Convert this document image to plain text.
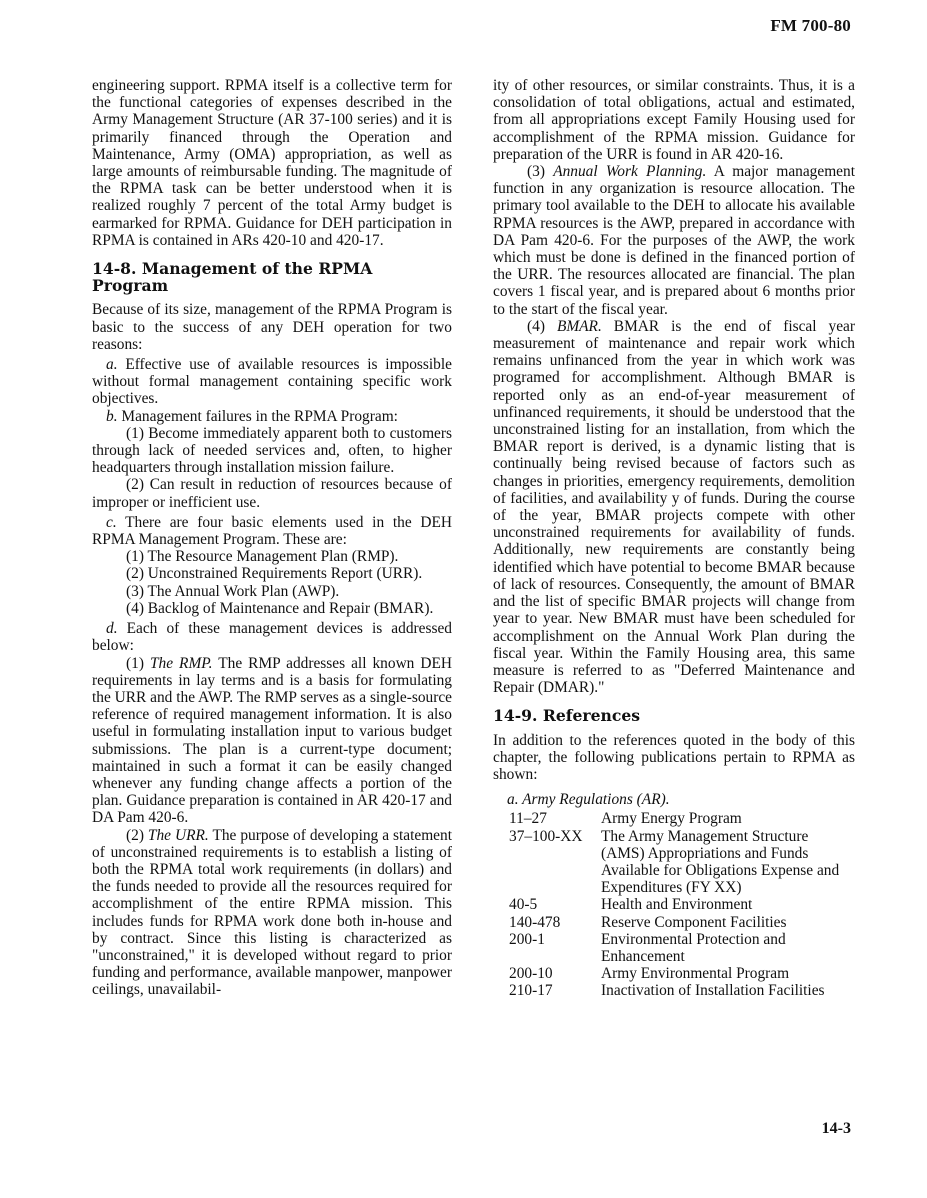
FM 700-80

engineering support. RPMA itself is a collective term for the functional categories of expenses described in the Army Management Structure (AR 37-100 series) and it is primarily financed through the Operation and Maintenance, Army (OMA) appropriation, as well as large amounts of reimbursable funding. The magnitude of the RPMA task can be better understood when it is realized roughly 7 percent of the total Army budget is earmarked for RPMA. Guidance for DEH participation in RPMA is contained in ARs 420-10 and 420-17.

14-8. Management of the RPMA Program

Because of its size, management of the RPMA Program is basic to the success of any DEH operation for two reasons:

a. Effective use of available resources is impossible without formal management containing specific work objectives.

b. Management failures in the RPMA Program:

(1) Become immediately apparent both to customers through lack of needed services and, often, to higher headquarters through installation mission failure.

(2) Can result in reduction of resources because of improper or inefficient use.

c. There are four basic elements used in the DEH RPMA Management Program. These are:

(1) The Resource Management Plan (RMP).
(2) Unconstrained Requirements Report (URR).
(3) The Annual Work Plan (AWP).
(4) Backlog of Maintenance and Repair (BMAR).

d. Each of these management devices is addressed below:

(1) The RMP. The RMP addresses all known DEH requirements in lay terms and is a basis for formulating the URR and the AWP. The RMP serves as a single-source reference of required management information. It is also useful in formulating installation input to various budget submissions. The plan is a current-type document; maintained in such a format it can be easily changed whenever any funding change affects a portion of the plan. Guidance preparation is contained in AR 420-17 and DA Pam 420-6.

(2) The URR. The purpose of developing a statement of unconstrained requirements is to establish a listing of both the RPMA total work requirements (in dollars) and the funds needed to provide all the resources required for accomplishment of the entire RPMA mission. This includes funds for RPMA work done both in-house and by contract. Since this listing is characterized as "unconstrained," it is developed without regard to prior funding and performance, available manpower, manpower ceilings, unavailabil-

ity of other resources, or similar constraints. Thus, it is a consolidation of total obligations, actual and estimated, from all appropriations except Family Housing used for accomplishment of the RPMA mission. Guidance for preparation of the URR is found in AR 420-16.

(3) Annual Work Planning. A major management function in any organization is resource allocation. The primary tool available to the DEH to allocate his available RPMA resources is the AWP, prepared in accordance with DA Pam 420-6. For the purposes of the AWP, the work which must be done is defined in the financed portion of the URR. The resources allocated are financial. The plan covers 1 fiscal year, and is prepared about 6 months prior to the start of the fiscal year.

(4) BMAR. BMAR is the end of fiscal year measurement of maintenance and repair work which remains unfinanced from the year in which work was programed for accomplishment. Although BMAR is reported only as an end-of-year measurement of unfinanced requirements, it should be understood that the unconstrained listing for an installation, from which the BMAR report is derived, is a dynamic listing that is continually being revised because of factors such as changes in priorities, emergency requirements, demolition of facilities, and availability y of funds. During the course of the year, BMAR projects compete with other unconstrained requirements for availability of funds. Additionally, new requirements are constantly being identified which have potential to become BMAR because of lack of resources. Consequently, the amount of BMAR and the list of specific BMAR projects will change from year to year. New BMAR must have been scheduled for accomplishment on the Annual Work Plan during the fiscal year. Within the Family Housing area, this same measure is referred to as "Deferred Maintenance and Repair (DMAR)."

14-9. References

In addition to the references quoted in the body of this chapter, the following publications pertain to RPMA as shown:

a. Army Regulations (AR).
11–27	Army Energy Program
37–100-XX	The Army Management Structure (AMS) Appropriations and Funds Available for Obligations Expense and Expenditures (FY XX)
40-5	Health and Environment
140-478	Reserve Component Facilities
200-1	Environmental Protection and Enhancement
200-10	Army Environmental Program
210-17	Inactivation of Installation Facilities
14-3
